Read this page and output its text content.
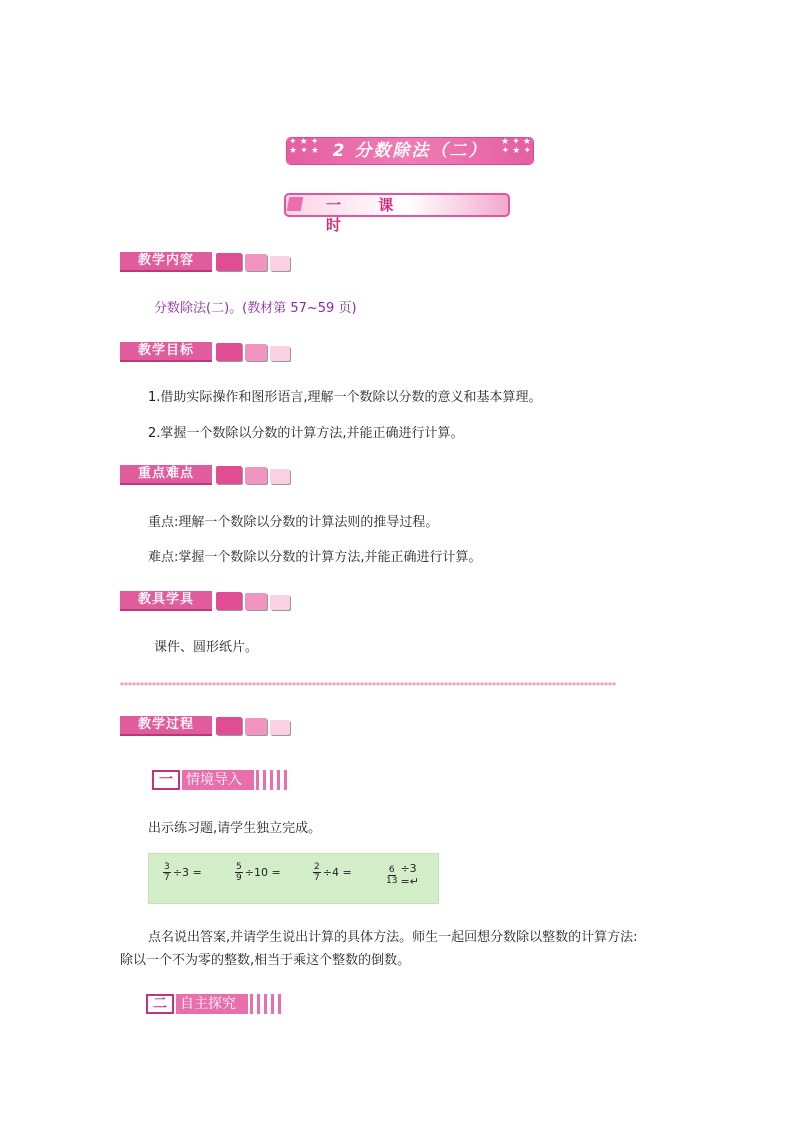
✦ ★ ✦
★ ✦ ★ 2 分数除法（二）	★ ✦ ★
✦ ★ ✦
一 课 时
教学内容
分数除法(二)。(教材第 57~59 页)
教学目标
1.借助实际操作和图形语言,理解一个数除以分数的意义和基本算理。
2.掌握一个数除以分数的计算方法,并能正确进行计算。
重点难点
重点:理解一个数除以分数的计算法则的推导过程。
难点:掌握一个数除以分数的计算方法,并能正确进行计算。
教具学具
课件、圆形纸片。
****************************************************************************************************************************
教学过程
一 情境导入
出示练习题,请学生独立完成。
$\frac{3}{7} \div 3$ =	$\frac{5}{9} \div 10$ =	$\frac{2}{7} \div 4$ =	$\frac{6}{13} \div 3$ =↵
点名说出答案,并请学生说出计算的具体方法。师生一起回想分数除以整数的计算方法:
除以一个不为零的整数,相当于乘这个整数的倒数。
二 自主探究
